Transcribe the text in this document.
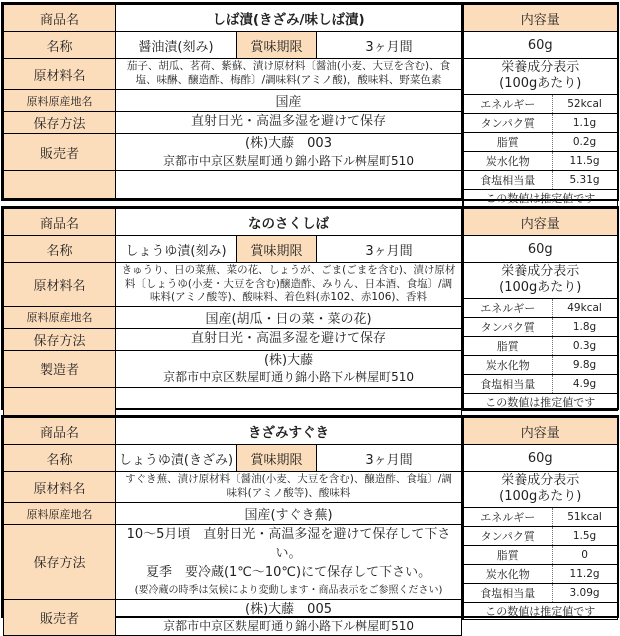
商品名	しば漬(きざみ/味しば漬)		
名称	醤油漬(刻み)	賞味期限	3ヶ月間
原材料名	茄子、胡瓜、茗荷、紫蘇、漬け原材料〔醤油(小麦、大豆を含む)、食塩、味醂、醸造酢、梅酢〕/調味料(アミノ酸)，酸味料、野菜色素		
原料原産地名	国産		
保存方法	直射日光・高温多湿を避けて保存		

販売者	(株)大藤　003
京都市中京区麩屋町通り錦小路下ル桝屋町510		

内容量	
60g	

栄養成分表示
(100gあたり)	

エネルギー	52kcal
タンパク質	1.1g
脂質	0.2g
炭水化物	11.5g
食塩相当量	5.31g
この数値は推定値です	
商品名	なのさくしば		
名称	しょうゆ漬(刻み)	賞味期限	3ヶ月間
原材料名	きゅうり、日の菜蕪、菜の花、しょうが、ごま(ごまを含む)、漬け原材料〔しょうゆ(小麦・大豆を含む)醸造酢、みりん、日本酒、食塩〕/調味料(アミノ酸等)、酸味料、着色料(赤102、赤106)、香料		
原料原産地名	国産(胡瓜・日の菜・菜の花)		
保存方法	直射日光・高温多湿を避けて保存		

製造者	(株)大藤
京都市中京区麩屋町通り錦小路下ル桝屋町510		

内容量	
60g	

栄養成分表示
(100gあたり)	

エネルギー	49kcal
タンパク質	1.8g
脂質	0.3g
炭水化物	9.8g
食塩相当量	4.9g
この数値は推定値です	
商品名	きざみすぐき		
名称	しょうゆ漬(きざみ)	賞味期限	3ヶ月間
原材料名	すぐき蕪、漬け原材料〔醤油(小麦、大豆を含む)、醸造酢、食塩〕/調味料(アミノ酸等)、酸味料		
原料原産地名	国産(すぐき蕪)		
保存方法	10〜5月頃　直射日光・高温多湿を避けて保存して下さい。
夏季　要冷蔵(1℃〜10℃)にて保存して下さい。
(要冷蔵の時季は気候により変動します・商品表示をご参照ください)		

販売者	(株)大藤　005
京都市中京区麩屋町通り錦小路下ル桝屋町510		
内容量	
60g	

栄養成分表示
(100gあたり)	

エネルギー	51kcal
タンパク質	1.5g
脂質	0
炭水化物	11.2g
食塩相当量	3.09g
この数値は推定値です	
